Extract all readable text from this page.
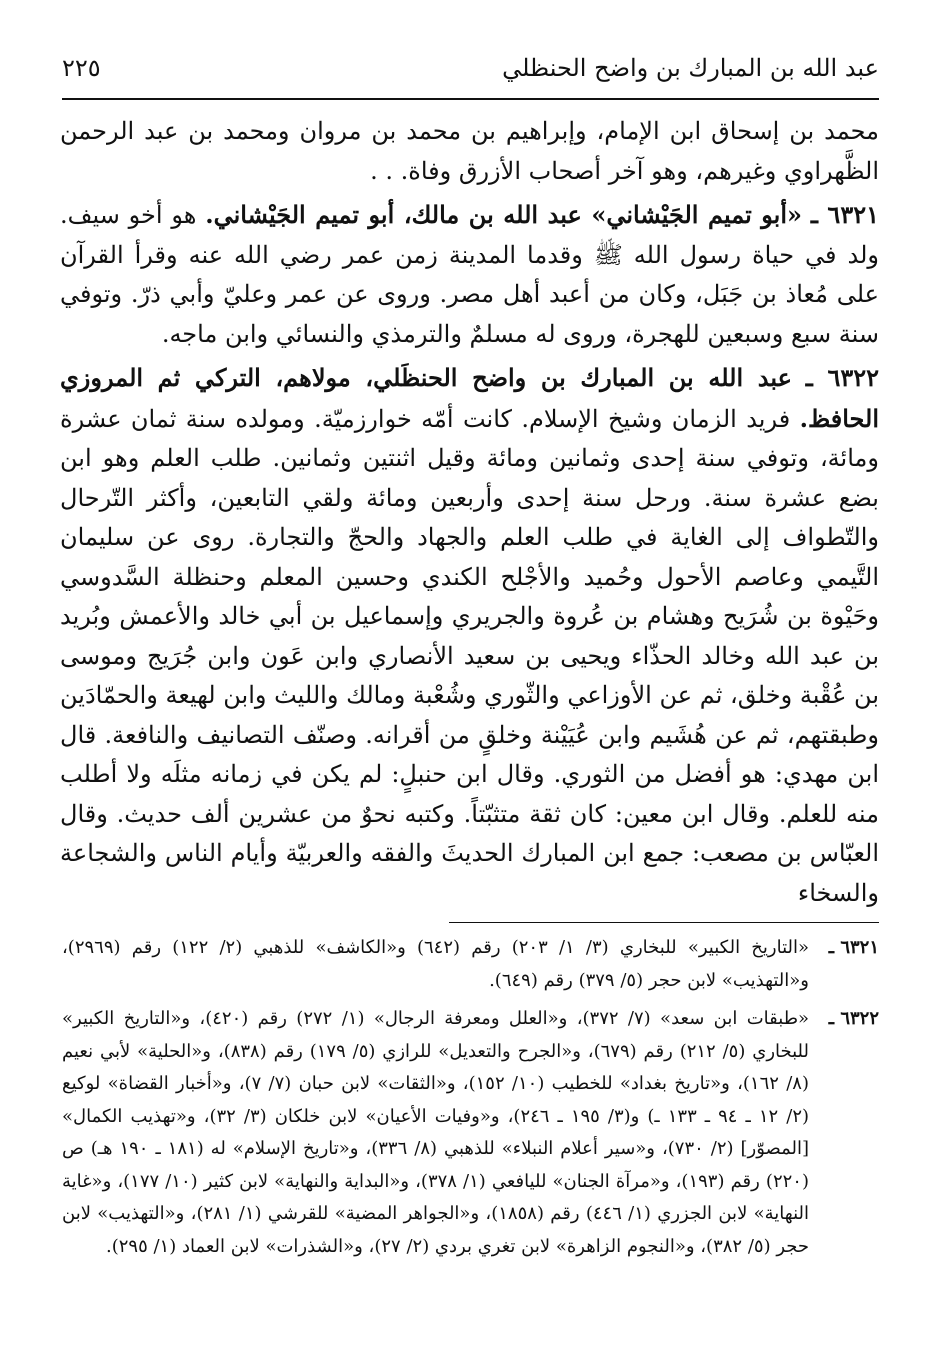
عبد الله بن المبارك بن واضح الحنظلي
٢٢٥

محمد بن إسحاق ابن الإمام، وإبراهيم بن محمد بن مروان ومحمد بن عبد الرحمن الظَّهراوي وغيرهم، وهو آخر أصحاب الأزرق وفاة. . .

٦٣٢١ ـ «أبو تميم الجَيْشاني» عبد الله بن مالك، أبو تميم الجَيْشاني. هو أخو سيف. ولد في حياة رسول الله ﷺ وقدما المدينة زمن عمر رضي الله عنه وقرأ القرآن على مُعاذ بن جَبَل، وكان من أعبد أهل مصر. وروى عن عمر وعليّ وأبي ذرّ. وتوفي سنة سبع وسبعين للهجرة، وروى له مسلمٌ والترمذي والنسائي وابن ماجه.

٦٣٢٢ ـ عبد الله بن المبارك بن واضح الحنظَلي، مولاهم، التركي ثم المروزي الحافظ. فريد الزمان وشيخ الإسلام. كانت أمّه خوارزميّة. ومولده سنة ثمان عشرة ومائة، وتوفي سنة إحدى وثمانين ومائة وقيل اثنتين وثمانين. طلب العلم وهو ابن بضع عشرة سنة. ورحل سنة إحدى وأربعين ومائة ولقي التابعين، وأكثر التّرحال والتّطواف إلى الغاية في طلب العلم والجهاد والحجّ والتجارة. روى عن سليمان التَّيمي وعاصم الأحول وحُميد والأجْلح الكندي وحسين المعلم وحنظلة السَّدوسي وحَيْوة بن شُرَيح وهشام بن عُروة والجريري وإسماعيل بن أبي خالد والأعمش وبُريد بن عبد الله وخالد الحذّاء ويحيى بن سعيد الأنصاري وابن عَون وابن جُرَيج وموسى بن عُقْبة وخلق، ثم عن الأوزاعي والثّوري وشُعْبة ومالك والليث وابن لهيعة والحمّادَين وطبقتهم، ثم عن هُشَيم وابن عُيَيْنة وخلقٍ من أقرانه. وصنّف التصانيف والنافعة. قال ابن مهدي: هو أفضل من الثوري. وقال ابن حنبلٍ: لم يكن في زمانه مثلَه ولا أطلب منه للعلم. وقال ابن معين: كان ثقة متثبّتاً. وكتبه نحوٌ من عشرين ألف حديث. وقال العبّاس بن مصعب: جمع ابن المبارك الحديثَ والفقه والعربيّة وأيام الناس والشجاعة والسخاء

٦٣٢١ ـ
«التاريخ الكبير» للبخاري (٣/ ١/ ٢٠٣) رقم (٦٤٢) و«الكاشف» للذهبي (٢/ ١٢٢) رقم (٢٩٦٩)، و«التهذيب» لابن حجر (٥/ ٣٧٩) رقم (٦٤٩).
٦٣٢٢ ـ
«طبقات ابن سعد» (٧/ ٣٧٢)، و«العلل ومعرفة الرجال» (١/ ٢٧٢) رقم (٤٢٠)، و«التاريخ الكبير» للبخاري (٥/ ٢١٢) رقم (٦٧٩)، و«الجرح والتعديل» للرازي (٥/ ١٧٩) رقم (٨٣٨)، و«الحلية» لأبي نعيم (٨/ ١٦٢)، و«تاريخ بغداد» للخطيب (١٠/ ١٥٢)، و«الثقات» لابن حبان (٧/ ٧)، و«أخبار القضاة» لوكيع (٢/ ١٢ ـ ٩٤ ـ ١٣٣ ـ) و(٣/ ١٩٥ ـ ٢٤٦)، و«وفيات الأعيان» لابن خلكان (٣/ ٣٢)، و«تهذيب الكمال» [المصوّر] (٢/ ٧٣٠)، و«سير أعلام النبلاء» للذهبي (٨/ ٣٣٦)، و«تاريخ الإسلام» له (١٨١ ـ ١٩٠ هـ) ص (٢٢٠) رقم (١٩٣)، و«مرآة الجنان» لليافعي (١/ ٣٧٨)، و«البداية والنهاية» لابن كثير (١٠/ ١٧٧)، و«غاية النهاية» لابن الجزري (١/ ٤٤٦) رقم (١٨٥٨)، و«الجواهر المضية» للقرشي (١/ ٢٨١)، و«التهذيب» لابن حجر (٥/ ٣٨٢)، و«النجوم الزاهرة» لابن تغري بردي (٢/ ٢٧)، و«الشذرات» لابن العماد (١/ ٢٩٥).
